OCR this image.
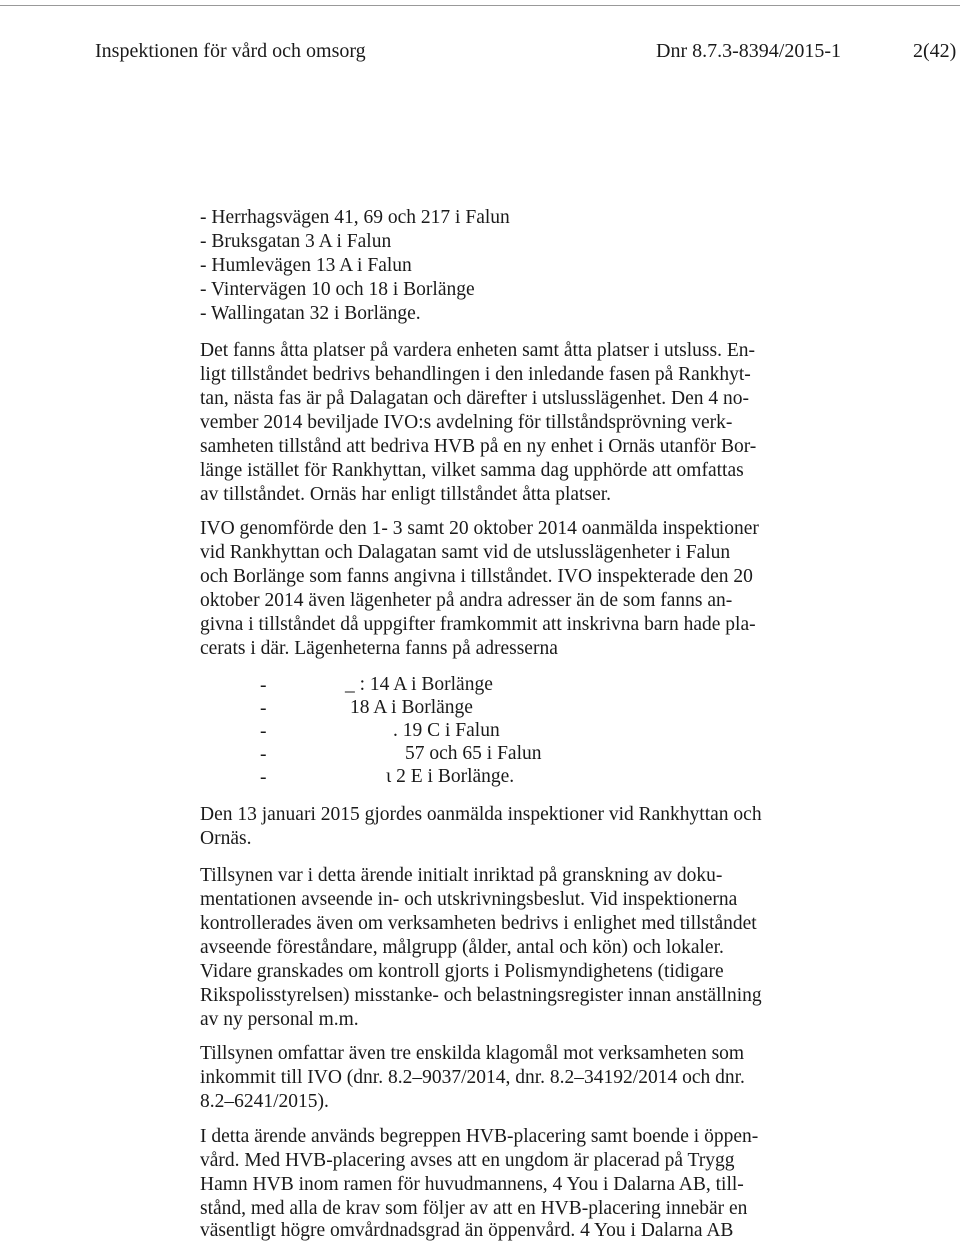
Inspektionen för vård och omsorg	Dnr 8.7.3-8394/2015-1	2(42)
- Herrhagsvägen 41, 69 och 217 i Falun
- Bruksgatan 3 A i Falun
- Humlevägen 13 A i Falun
- Vintervägen 10 och 18 i Borlänge
- Wallingatan 32 i Borlänge.
Det fanns åtta platser på vardera enheten samt åtta platser i utsluss. En-
ligt tillståndet bedrivs behandlingen i den inledande fasen på Rankhyt-
tan, nästa fas är på Dalagatan och därefter i utslusslägenhet. Den 4 no-
vember 2014 beviljade IVO:s avdelning för tillståndsprövning verk-
samheten tillstånd att bedriva HVB på en ny enhet i Ornäs utanför Bor-
länge istället för Rankhyttan, vilket samma dag upphörde att omfattas
av tillståndet. Ornäs har enligt tillståndet åtta platser.
IVO genomförde den 1- 3 samt 20 oktober 2014 oanmälda inspektioner
vid Rankhyttan och Dalagatan samt vid de utslusslägenheter i Falun
och Borlänge som fanns angivna i tillståndet. IVO inspekterade den 20
oktober 2014 även lägenheter på andra adresser än de som fanns an-
givna i tillståndet då uppgifter framkommit att inskrivna barn hade pla-
cerats i där. Lägenheterna fanns på adresserna
-	_ : 14 A i Borlänge
-	18 A i Borlänge
-	. 19 C i Falun
-	57 och 65 i Falun
-	ι 2 E i Borlänge.
Den 13 januari 2015 gjordes oanmälda inspektioner vid Rankhyttan och
Ornäs.
Tillsynen var i detta ärende initialt inriktad på granskning av doku-
mentationen avseende in- och utskrivningsbeslut. Vid inspektionerna
kontrollerades även om verksamheten bedrivs i enlighet med tillståndet
avseende föreståndare, målgrupp (ålder, antal och kön) och lokaler.
Vidare granskades om kontroll gjorts i Polismyndighetens (tidigare
Rikspolisstyrelsen) misstanke- och belastningsregister innan anställning
av ny personal m.m.
Tillsynen omfattar även tre enskilda klagomål mot verksamheten som
inkommit till IVO (dnr. 8.2–9037/2014, dnr. 8.2–34192/2014 och dnr.
8.2–6241/2015).
I detta ärende används begreppen HVB-placering samt boende i öppen-
vård. Med HVB-placering avses att en ungdom är placerad på Trygg
Hamn HVB inom ramen för huvudmannens, 4 You i Dalarna AB, till-
stånd, med alla de krav som följer av att en HVB-placering innebär en
väsentligt högre omvårdnadsgrad än öppenvård. 4 You i Dalarna AB
